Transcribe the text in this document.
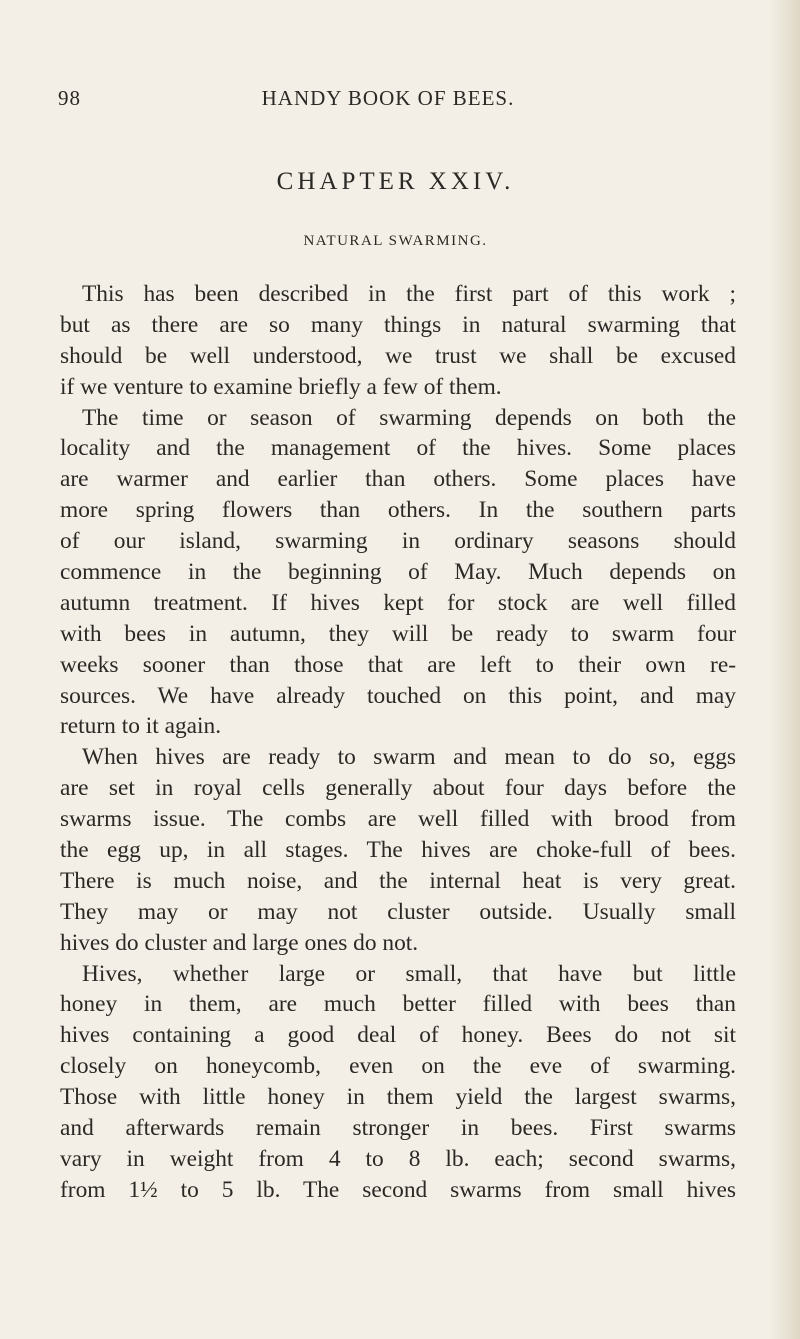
98	HANDY BOOK OF BEES.
CHAPTER XXIV.
NATURAL SWARMING.
This has been described in the first part of this work ;
but as there are so many things in natural swarming that
should be well understood, we trust we shall be excused
if we venture to examine briefly a few of them.
The time or season of swarming depends on both the
locality and the management of the hives. Some places
are warmer and earlier than others. Some places have
more spring flowers than others. In the southern parts
of our island, swarming in ordinary seasons should
commence in the beginning of May. Much depends on
autumn treatment. If hives kept for stock are well filled
with bees in autumn, they will be ready to swarm four
weeks sooner than those that are left to their own re-
sources. We have already touched on this point, and may
return to it again.
When hives are ready to swarm and mean to do so, eggs
are set in royal cells generally about four days before the
swarms issue. The combs are well filled with brood from
the egg up, in all stages. The hives are choke-full of bees.
There is much noise, and the internal heat is very great.
They may or may not cluster outside. Usually small
hives do cluster and large ones do not.
Hives, whether large or small, that have but little
honey in them, are much better filled with bees than
hives containing a good deal of honey. Bees do not sit
closely on honeycomb, even on the eve of swarming.
Those with little honey in them yield the largest swarms,
and afterwards remain stronger in bees. First swarms
vary in weight from 4 to 8 lb. each; second swarms,
from 1½ to 5 lb. The second swarms from small hives
